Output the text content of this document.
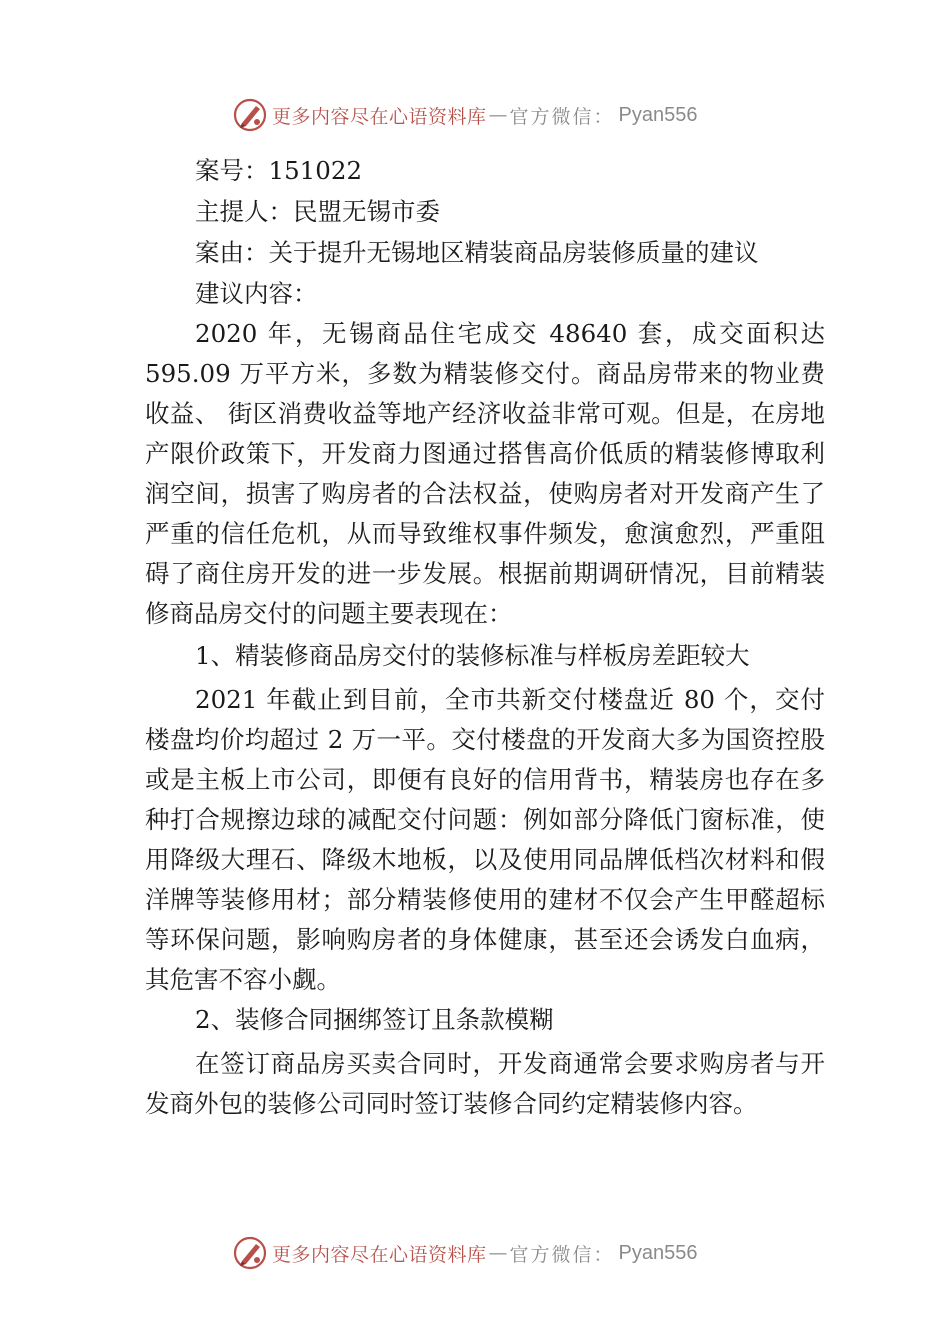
更多内容尽在心语资料库 — 官方微信 ： Pyan556

案号：151022

主提人：民盟无锡市委

案由：关于提升无锡地区精装商品房装修质量的建议

建议内容：

2020 年，无锡商品住宅成交 48640 套，成交面积达 595.09 万平方米，多数为精装修交付。商品房带来的物业费收益、 街区消费收益等地产经济收益非常可观。但是，在房地产限价政策下，开发商力图通过搭售高价低质的精装修博取利润空间，损害了购房者的合法权益，使购房者对开发商产生了严重的信任危机，从而导致维权事件频发，愈演愈烈，严重阻碍了商住房开发的进一步发展。根据前期调研情况，目前精装修商品房交付的问题主要表现在：

1、精装修商品房交付的装修标准与样板房差距较大

2021 年截止到目前，全市共新交付楼盘近 80 个，交付楼盘均价均超过 2 万一平。交付楼盘的开发商大多为国资控股或是主板上市公司，即便有良好的信用背书，精装房也存在多种打合规擦边球的减配交付问题：例如部分降低门窗标准，使用降级大理石、降级木地板，以及使用同品牌低档次材料和假洋牌等装修用材；部分精装修使用的建材不仅会产生甲醛超标等环保问题，影响购房者的身体健康，甚至还会诱发白血病，其危害不容小觑。

2、装修合同捆绑签订且条款模糊

在签订商品房买卖合同时，开发商通常会要求购房者与开发商外包的装修公司同时签订装修合同约定精装修内容。

更多内容尽在心语资料库 — 官方微信 ： Pyan556
